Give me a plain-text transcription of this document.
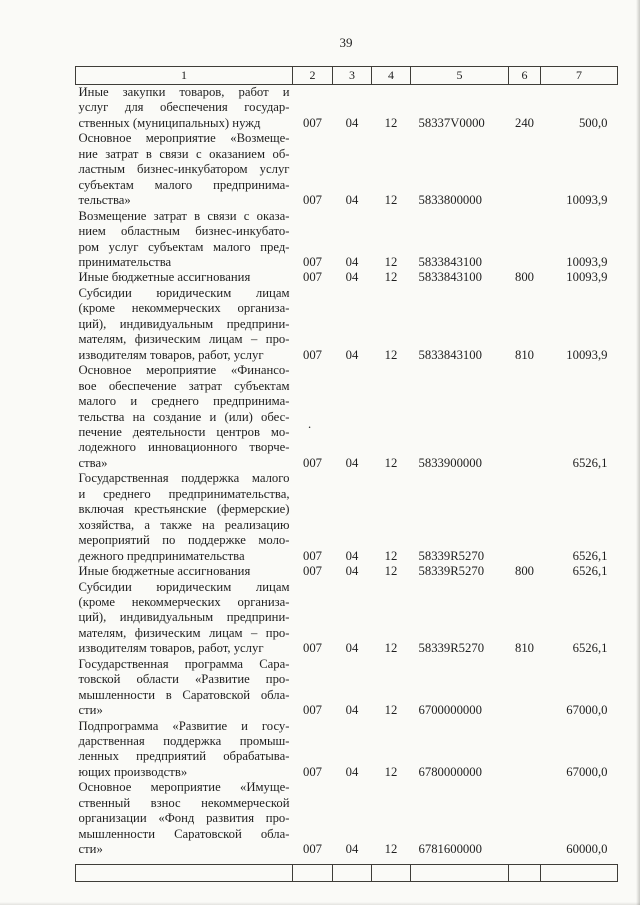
39
1	2	3	4	5	6	7

Иные закупки товаров, работ и
услуг для обеспечения государ-
ственных (муниципальных) нужд	007	04	12	58337V0000	240	500,0

Основное мероприятие «Возмеще-
ние затрат в связи с оказанием об-
ластным бизнес-инкубатором услуг
субъектам малого предпринима-
тельства»	007	04	12	5833800000		10093,9

Возмещение затрат в связи с оказа-
нием областным бизнес-инкубато-
ром услуг субъектам малого пред-
принимательства	007	04	12	5833843100		10093,9

Иные бюджетные ассигнования	007	04	12	5833843100	800	10093,9

Субсидии юридическим лицам
(кроме некоммерческих организа-
ций), индивидуальным предприни-
мателям, физическим лицам – про-
изводителям товаров, работ, услуг	007	04	12	5833843100	810	10093,9

Основное мероприятие «Финансо-
вое обеспечение затрат субъектам
малого и среднего предпринима-
тельства на создание и (или) обес-
печение деятельности центров мо-
лодежного инновационного творче-
ства»	007	04	12	5833900000		6526,1

Государственная поддержка малого
и среднего предпринимательства,
включая крестьянские (фермерские)
хозяйства, а также на реализацию
мероприятий по поддержке моло-
дежного предпринимательства	007	04	12	58339R5270		6526,1

Иные бюджетные ассигнования	007	04	12	58339R5270	800	6526,1

Субсидии юридическим лицам
(кроме некоммерческих организа-
ций), индивидуальным предприни-
мателям, физическим лицам – про-
изводителям товаров, работ, услуг	007	04	12	58339R5270	810	6526,1

Государственная программа Сара-
товской области «Развитие про-
мышленности в Саратовской обла-
сти»	007	04	12	6700000000		67000,0

Подпрограмма «Развитие и госу-
дарственная поддержка промыш-
ленных предприятий обрабатыва-
ющих производств»	007	04	12	6780000000		67000,0

Основное мероприятие «Имуще-
ственный взнос некоммерческой
организации «Фонд развития про-
мышленности Саратовской обла-
сти»	007	04	12	6781600000		60000,0

.
